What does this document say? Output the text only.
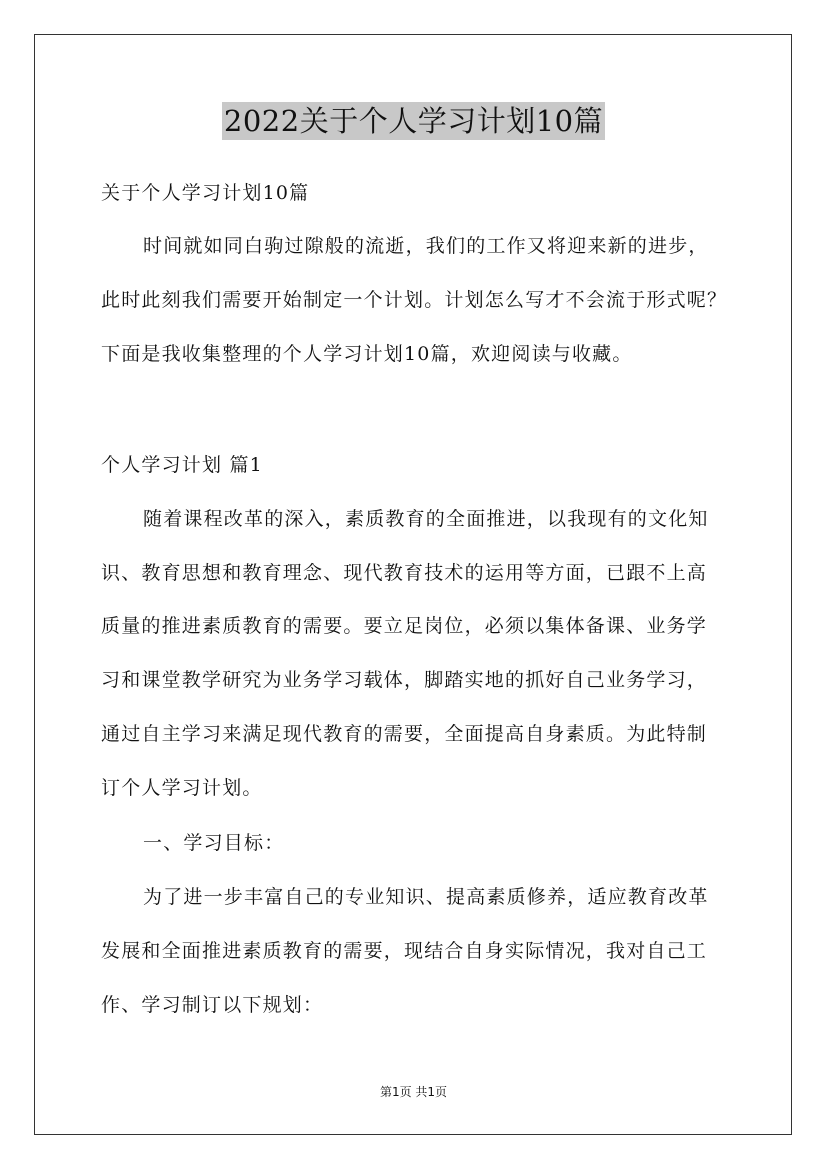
2022关于个人学习计划10篇
关于个人学习计划10篇
时间就如同白驹过隙般的流逝，我们的工作又将迎来新的进步，
此时此刻我们需要开始制定一个计划。计划怎么写才不会流于形式呢？
下面是我收集整理的个人学习计划10篇，欢迎阅读与收藏。
个人学习计划 篇1
随着课程改革的深入，素质教育的全面推进，以我现有的文化知
识、教育思想和教育理念、现代教育技术的运用等方面，已跟不上高
质量的推进素质教育的需要。要立足岗位，必须以集体备课、业务学
习和课堂教学研究为业务学习载体，脚踏实地的抓好自己业务学习，
通过自主学习来满足现代教育的需要，全面提高自身素质。为此特制
订个人学习计划。
一、学习目标：
为了进一步丰富自己的专业知识、提高素质修养，适应教育改革
发展和全面推进素质教育的需要，现结合自身实际情况，我对自己工
作、学习制订以下规划：
第1页 共1页
